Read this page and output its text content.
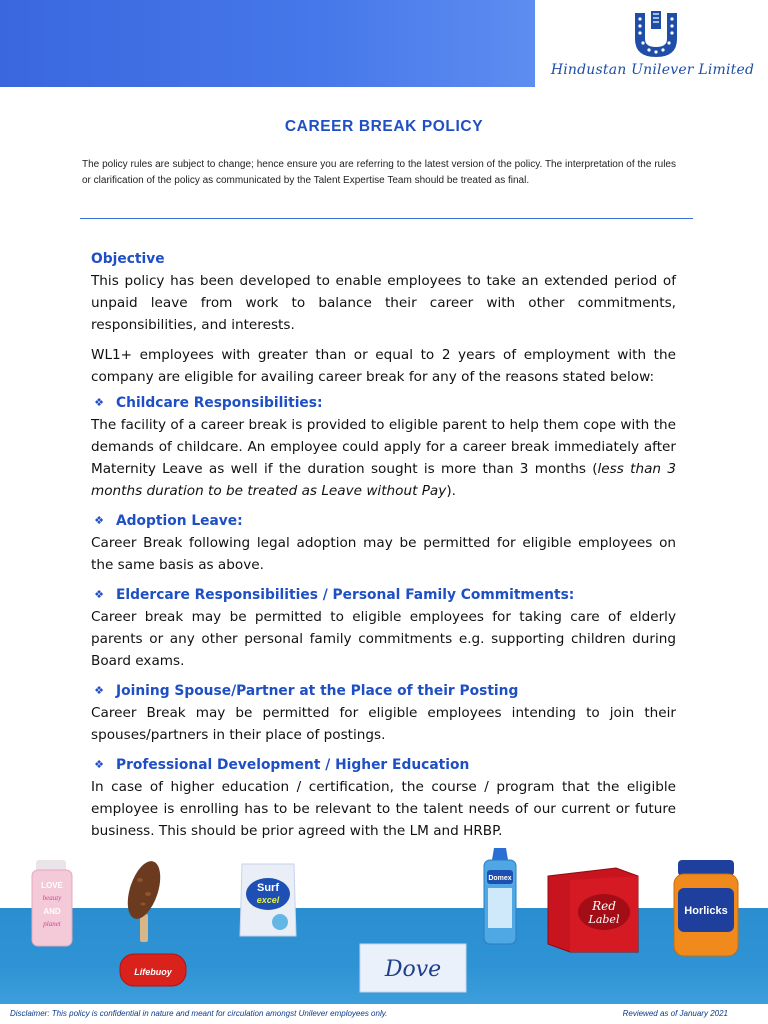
Hindustan Unilever Limited
CAREER BREAK POLICY
The policy rules are subject to change; hence ensure you are referring to the latest version of the policy. The interpretation of the rules or clarification of the policy as communicated by the Talent Expertise Team should be treated as final.
Objective

This policy has been developed to enable employees to take an extended period of unpaid leave from work to balance their career with other commitments, responsibilities, and interests.

WL1+ employees with greater than or equal to 2 years of employment with the company are eligible for availing career break for any of the reasons stated below:

❖ Childcare Responsibilities:

The facility of a career break is provided to eligible parent to help them cope with the demands of childcare. An employee could apply for a career break immediately after Maternity Leave as well if the duration sought is more than 3 months (less than 3 months duration to be treated as Leave without Pay).

❖ Adoption Leave:

Career Break following legal adoption may be permitted for eligible employees on the same basis as above.

❖ Eldercare Responsibilities / Personal Family Commitments:

Career break may be permitted to eligible employees for taking care of elderly parents or any other personal family commitments e.g. supporting children during Board exams.

❖ Joining Spouse/Partner at the Place of their Posting

Career Break may be permitted for eligible employees intending to join their spouses/partners in their place of postings.

❖ Professional Development / Higher Education

In case of higher education / certification, the course / program that the eligible employee is enrolling has to be relevant to the talent needs of our current or future business. This should be prior agreed with the LM and HRBP.

LOVE
beauty
AND
planet
Lifebuoy
Surf
excel
Dove
Domex
Red
Label
Horlicks
Disclaimer: This policy is confidential in nature and meant for circulation amongst Unilever employees only.	Reviewed as of January 2021
